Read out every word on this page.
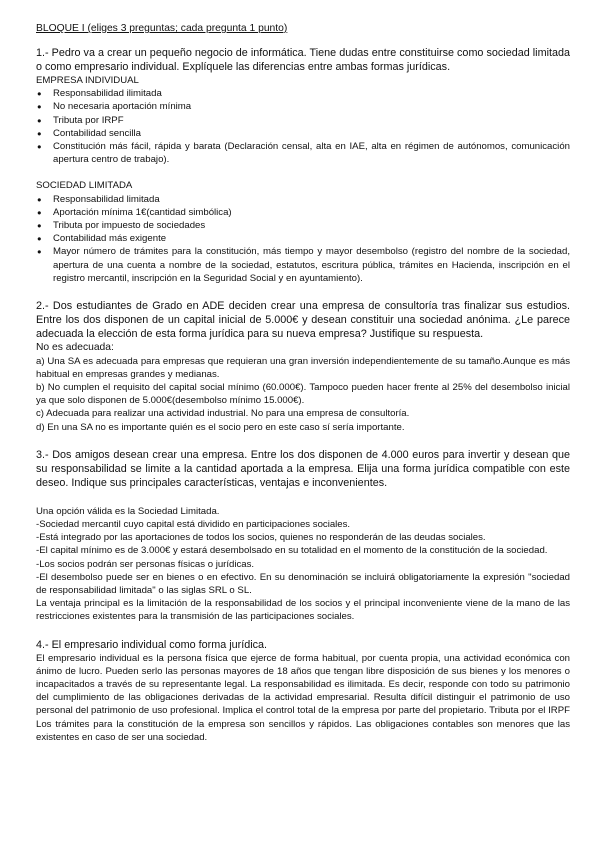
BLOQUE I (eliges 3 preguntas; cada pregunta 1 punto)

1.- Pedro va a crear un pequeño negocio de informática. Tiene dudas entre constituirse como sociedad limitada o como empresario individual. Explíquele las diferencias entre ambas formas jurídicas.

EMPRESA INDIVIDUAL

● Responsabilidad ilimitada
● No necesaria aportación mínima
● Tributa por IRPF
● Contabilidad sencilla
● Constitución más fácil, rápida y barata (Declaración censal, alta en IAE, alta en régimen de autónomos, comunicación apertura centro de trabajo).

SOCIEDAD LIMITADA

● Responsabilidad limitada
● Aportación mínima 1€(cantidad simbólica)
● Tributa por impuesto de sociedades
● Contabilidad más exigente
● Mayor número de trámites para la constitución, más tiempo y mayor desembolso (registro del nombre de la sociedad, apertura de una cuenta a nombre de la sociedad, estatutos, escritura pública, trámites en Hacienda, inscripción en el registro mercantil, inscripción en la Seguridad Social y en ayuntamiento).

2.- Dos estudiantes de Grado en ADE deciden crear una empresa de consultoría tras finalizar sus estudios. Entre los dos disponen de un capital inicial de 5.000€ y desean constituir una sociedad anónima. ¿Le parece adecuada la elección de esta forma jurídica para su nueva empresa? Justifique su respuesta.

No es adecuada:

a) Una SA es adecuada para empresas que requieran una gran inversión independientemente de su tamaño.Aunque es más habitual en empresas grandes y medianas.

b) No cumplen el requisito del capital social mínimo (60.000€). Tampoco pueden hacer frente al 25% del desembolso inicial ya que solo disponen de 5.000€(desembolso mínimo 15.000€).

c) Adecuada para realizar una actividad industrial. No para una empresa de consultoría.

d) En una SA no es importante quién es el socio pero en este caso sí sería importante.

3.- Dos amigos desean crear una empresa. Entre los dos disponen de 4.000 euros para invertir y desean que su responsabilidad se limite a la cantidad aportada a la empresa. Elija una forma jurídica compatible con este deseo. Indique sus principales características, ventajas e inconvenientes.

Una opción válida es la Sociedad Limitada.

-Sociedad mercantil cuyo capital está dividido en participaciones sociales.

-Está integrado por las aportaciones de todos los socios, quienes no responderán de las deudas sociales.

-El capital mínimo es de 3.000€ y estará desembolsado en su totalidad en el momento de la constitución de la sociedad.

-Los socios podrán ser personas físicas o jurídicas.

-El desembolso puede ser en bienes o en efectivo. En su denominación se incluirá obligatoriamente la expresión "sociedad de responsabilidad limitada" o las siglas SRL o SL.

La ventaja principal es la limitación de la responsabilidad de los socios y el principal inconveniente viene de la mano de las restricciones existentes para la transmisión de las participaciones sociales.

4.- El empresario individual como forma jurídica.

El empresario individual es la persona física que ejerce de forma habitual, por cuenta propia, una actividad económica con ánimo de lucro. Pueden serlo las personas mayores de 18 años que tengan libre disposición de sus bienes y los menores o incapacitados a través de su representante legal. La responsabilidad es ilimitada. Es decir, responde con todo su patrimonio del cumplimiento de las obligaciones derivadas de la actividad empresarial. Resulta difícil distinguir el patrimonio de uso personal del patrimonio de uso profesional. Implica el control total de la empresa por parte del propietario. Tributa por el IRPF Los trámites para la constitución de la empresa son sencillos y rápidos. Las obligaciones contables son menores que las existentes en caso de ser una sociedad.
